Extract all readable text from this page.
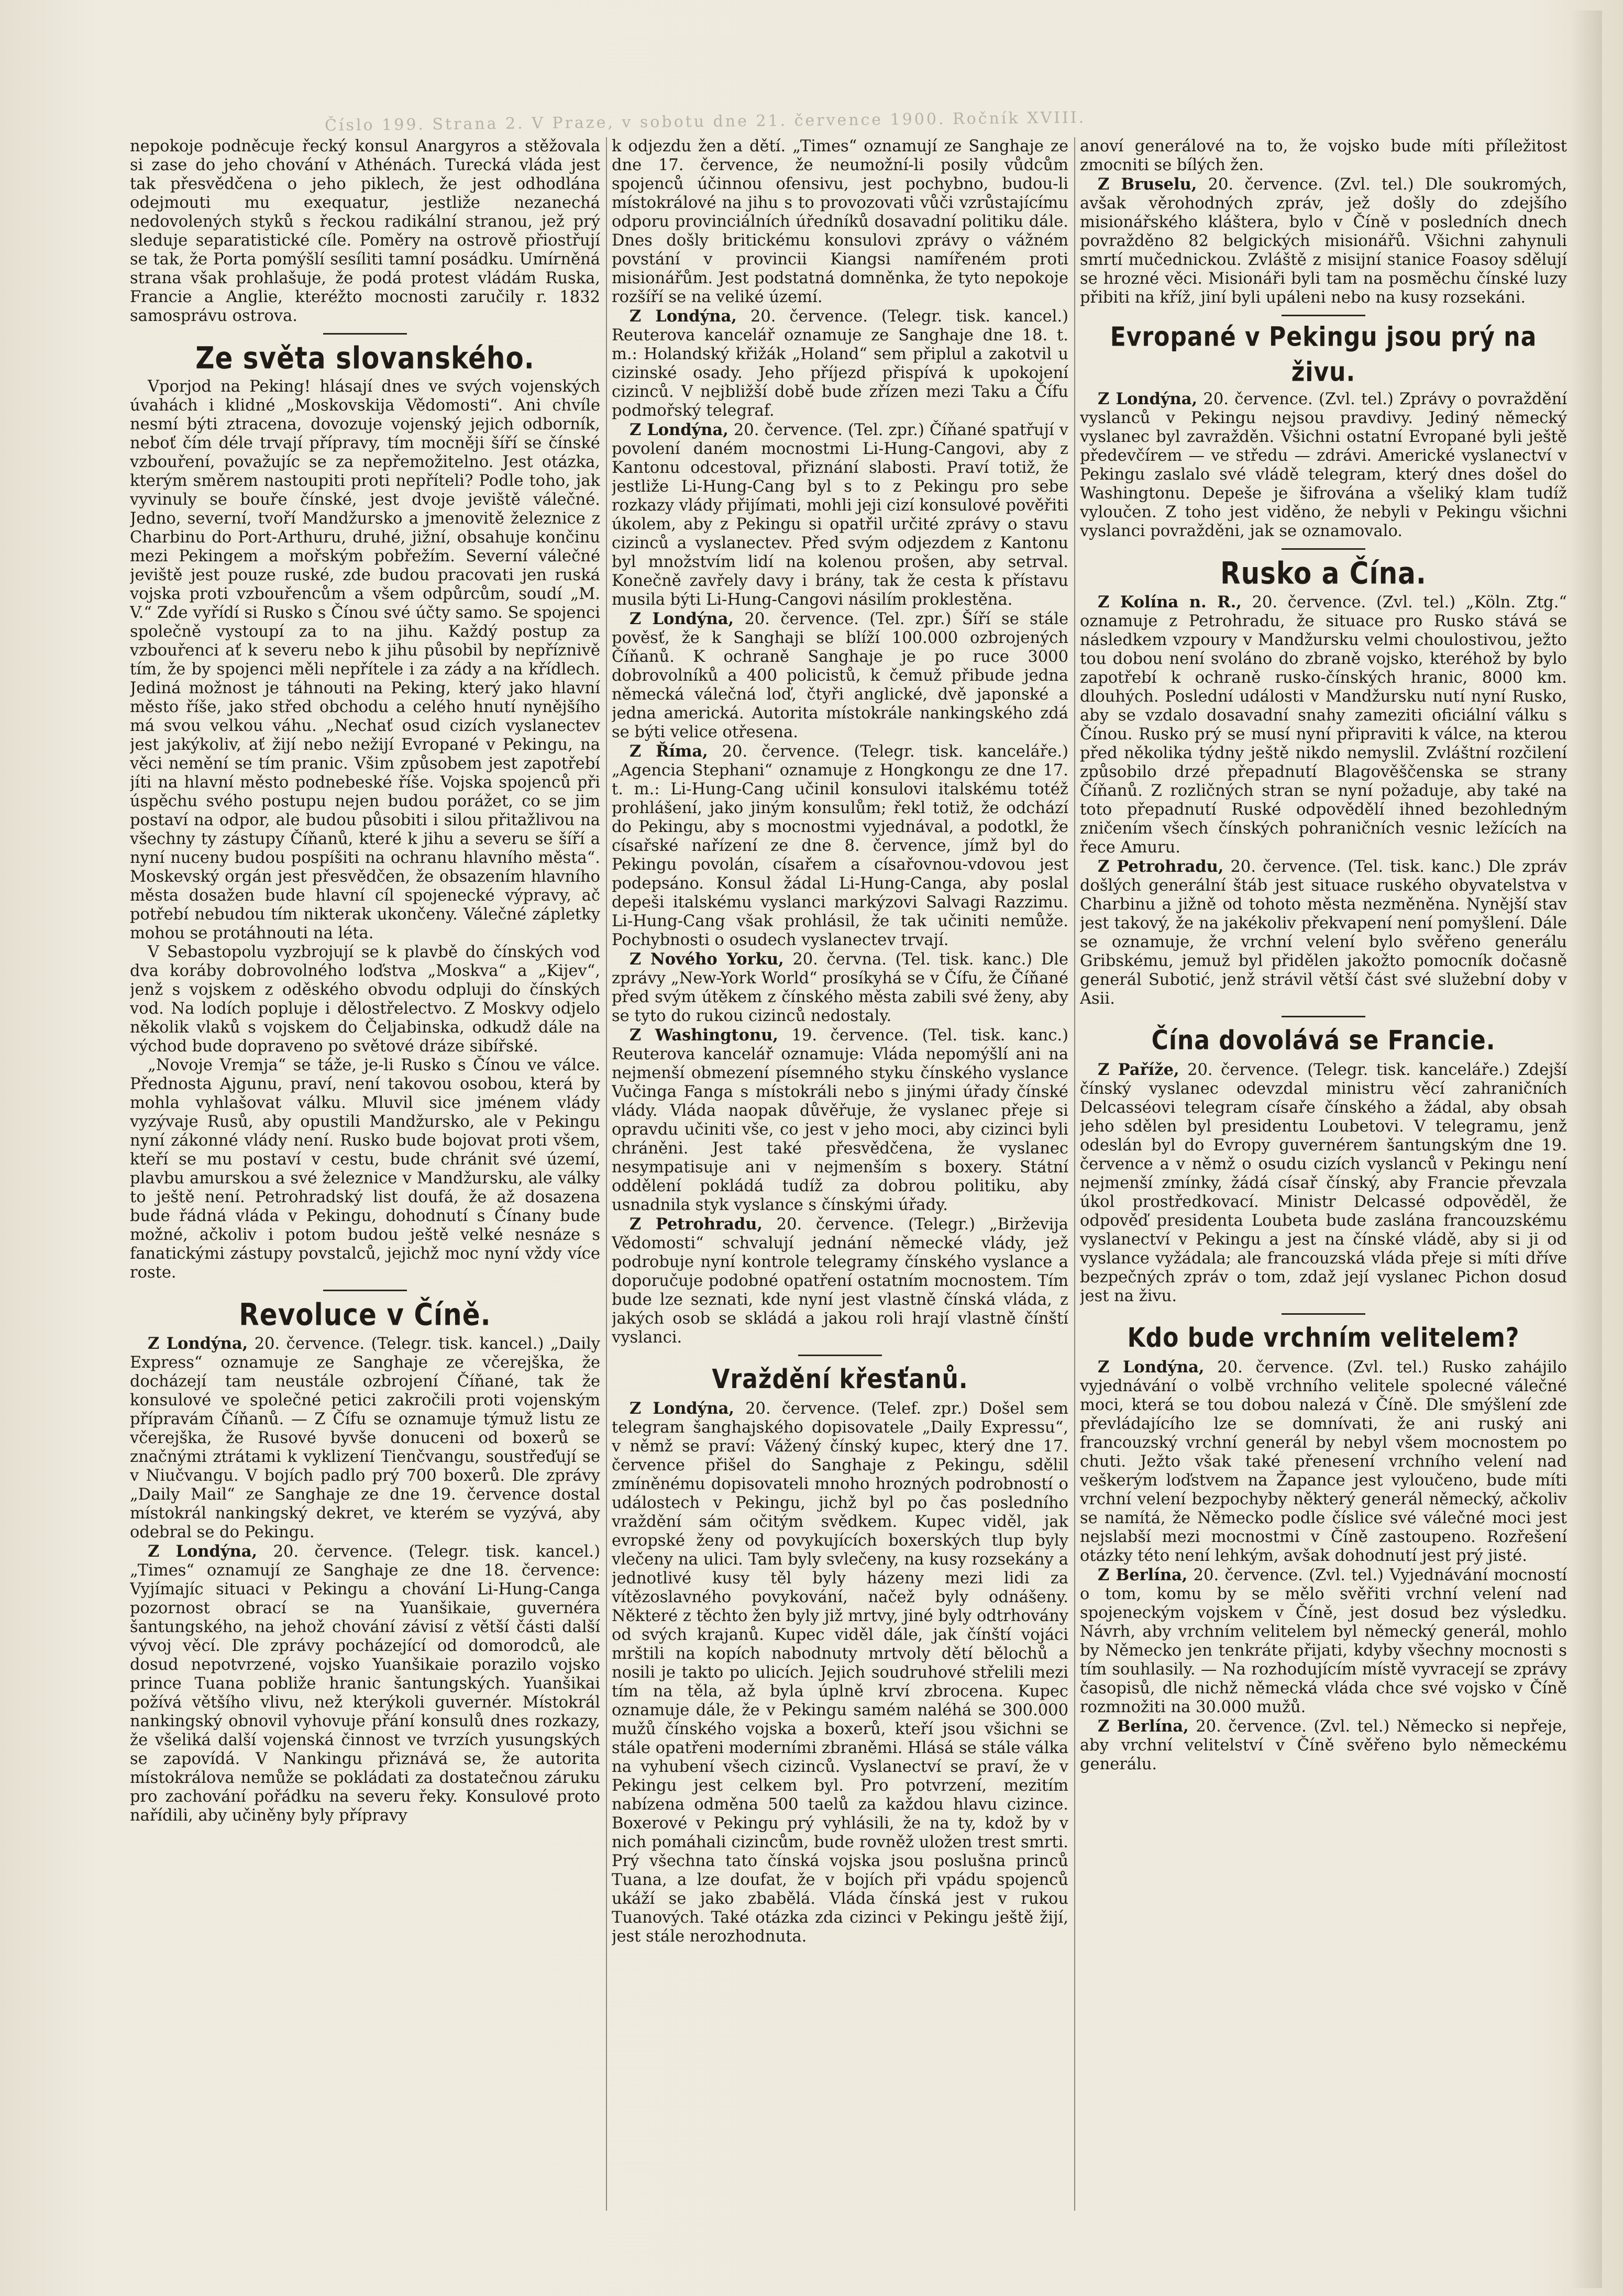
Číslo 199. Strana 2. V Praze, v sobotu dne 21. července 1900. Ročník XVIII.

nepokoje podněcuje řecký konsul Anargyros a stěžovala si zase do jeho chování v Athénách. Turecká vláda jest tak přesvědčena o jeho piklech, že jest odhodlána odejmouti mu exequatur, jestliže nezanechá nedovolených styků s řeckou radikální stranou, jež prý sleduje separatistické cíle. Poměry na ostrově přiostřují se tak, že Porta pomýšlí sesíliti tamní posádku. Umírněná strana však prohlašuje, že podá protest vládám Ruska, Francie a Anglie, kteréžto mocnosti zaručily r. 1832 samosprávu ostrova.

Ze světa slovanského.

Vporjod na Peking! hlásají dnes ve svých vojenských úvahách i klidné „Moskovskija Vědomosti“. Ani chvíle nesmí býti ztracena, dovozuje vojenský jejich odborník, neboť čím déle trvají přípravy, tím mocněji šíří se čínské vzbouření, považujíc se za nepřemožitelno. Jest otázka, kterým směrem nastoupiti proti nepříteli? Podle toho, jak vyvinuly se bouře čínské, jest dvoje jeviště válečné. Jedno, severní, tvoří Mandžursko a jmenovitě železnice z Charbinu do Port-Arthuru, druhé, jižní, obsahuje končinu mezi Pekingem a mořským pobřežím. Severní válečné jeviště jest pouze ruské, zde budou pracovati jen ruská vojska proti vzbouřencům a všem odpůrcům, soudí „M. V.“ Zde vyřídí si Rusko s Čínou své účty samo. Se spojenci společně vystoupí za to na jihu. Každý postup za vzbouřenci ať k severu nebo k jihu působil by nepříznivě tím, že by spojenci měli nepřítele i za zády a na křídlech. Jediná možnost je táhnouti na Peking, který jako hlavní město říše, jako střed obchodu a celého hnutí nynějšího má svou velkou váhu. „Nechať osud cizích vyslanectev jest jakýkoliv, ať žijí nebo nežijí Evropané v Pekingu, na věci nemění se tím pranic. Všim způsobem jest zapotřebí jíti na hlavní město podnebeské říše. Vojska spojenců při úspěchu svého postupu nejen budou porážet, co se jim postaví na odpor, ale budou působiti i silou přitažlivou na všechny ty zástupy Číňanů, které k jihu a severu se šíří a nyní nuceny budou pospíšiti na ochranu hlavního města“. Moskevský orgán jest přesvědčen, že obsazením hlavního města dosažen bude hlavní cíl spojenecké výpravy, ač potřebí nebudou tím nikterak ukončeny. Válečné zápletky mohou se protáhnouti na léta.

V Sebastopolu vyzbrojují se k plavbě do čínských vod dva koráby dobrovolného loďstva „Moskva“ a „Kijev“, jenž s vojskem z oděského obvodu odpluji do čínských vod. Na lodích popluje i dělostřelectvo. Z Moskvy odjelo několik vlaků s vojskem do Čeljabinska, odkudž dále na východ bude dopraveno po světové dráze sibířské.

„Novoje Vremja“ se táže, je-li Rusko s Čínou ve válce. Přednosta Ajgunu, praví, není takovou osobou, která by mohla vyhlašovat válku. Mluvil sice jménem vlády vyzývaje Rusů, aby opustili Mandžursko, ale v Pekingu nyní zákonné vlády není. Rusko bude bojovat proti všem, kteří se mu postaví v cestu, bude chránit své území, plavbu amurskou a své železnice v Mandžursku, ale války to ještě není. Petrohradský list doufá, že až dosazena bude řádná vláda v Pekingu, dohodnutí s Čínany bude možné, ačkoliv i potom budou ještě velké nesnáze s fanatickými zástupy povstalců, jejichž moc nyní vždy více roste.

Revoluce v Číně.

Z Londýna, 20. července. (Telegr. tisk. kancel.) „Daily Express“ oznamuje ze Sanghaje ze včerejška, že docházejí tam neustále ozbrojení Číňané, tak že konsulové ve společné petici zakročili proti vojenským přípravám Číňanů. — Z Čífu se oznamuje týmuž listu ze včerejška, že Rusové byvše donuceni od boxerů se značnými ztrátami k vyklizení Tienčvangu, soustřeďují se v Niučvangu. V bojích padlo prý 700 boxerů. Dle zprávy „Daily Mail“ ze Sanghaje ze dne 19. července dostal místokrál nankingský dekret, ve kterém se vyzývá, aby odebral se do Pekingu.

Z Londýna, 20. července. (Telegr. tisk. kancel.) „Times“ oznamují ze Sanghaje ze dne 18. července: Vyjímajíc situaci v Pekingu a chování Li-Hung-Canga pozornost obrací se na Yuanšikaie, guvernéra šantungského, na jehož chování závisí z větší části další vývoj věcí. Dle zprávy pocházející od domorodců, ale dosud nepotvrzené, vojsko Yuanšikaie porazilo vojsko prince Tuana pobliže hranic šantungských. Yuanšikai požívá většího vlivu, než kterýkoli guvernér. Místokrál nankingský obnovil vyhovuje přání konsulů dnes rozkazy, že všeliká další vojenská činnost ve tvrzích yusungských se zapovídá. V Nankingu přiznává se, že autorita místokrálova nemůže se pokládati za dostatečnou záruku pro zachování pořádku na severu řeky. Konsulové proto nařídili, aby učiněny byly přípravy

k odjezdu žen a dětí. „Times“ oznamují ze Sanghaje ze dne 17. července, že neumožní-li posily vůdcům spojenců účinnou ofensivu, jest pochybno, budou-li místokrálové na jihu s to provozovati vůči vzrůstajícímu odporu provinciálních úředníků dosavadní politiku dále. Dnes došly britickému konsulovi zprávy o vážném povstání v provincii Kiangsi namířeném proti misionářům. Jest podstatná domněnka, že tyto nepokoje rozšíří se na veliké území.

Z Londýna, 20. července. (Telegr. tisk. kancel.) Reuterova kancelář oznamuje ze Sanghaje dne 18. t. m.: Holandský křižák „Holand“ sem připlul a zakotvil u cizinské osady. Jeho příjezd přispívá k upokojení cizinců. V nejbližší době bude zřízen mezi Taku a Čífu podmořský telegraf.

Z Londýna, 20. července. (Tel. zpr.) Číňané spatřují v povolení daném mocnostmi Li-Hung-Cangovi, aby z Kantonu odcestoval, přiznání slabosti. Praví totiž, že jestliže Li-Hung-Cang byl s to z Pekingu pro sebe rozkazy vlády přijímati, mohli jeji cizí konsulové pověřiti úkolem, aby z Pekingu si opatřil určité zprávy o stavu cizinců a vyslanectev. Před svým odjezdem z Kantonu byl množstvím lidí na kolenou prošen, aby setrval. Konečně zavřely davy i brány, tak že cesta k přístavu musila býti Li-Hung-Cangovi násilím proklestěna.

Z Londýna, 20. července. (Tel. zpr.) Šíří se stále pověsť, že k Sanghaji se blíží 100.000 ozbrojených Číňanů. K ochraně Sanghaje je po ruce 3000 dobrovolníků a 400 policistů, k čemuž přibude jedna německá válečná loď, čtyři anglické, dvě japonské a jedna americká. Autorita místokrále nankingského zdá se býti velice otřesena.

Z Říma, 20. července. (Telegr. tisk. kanceláře.) „Agencia Stephani“ oznamuje z Hongkongu ze dne 17. t. m.: Li-Hung-Cang učinil konsulovi italskému totéž prohlášení, jako jiným konsulům; řekl totiž, že odchází do Pekingu, aby s mocnostmi vyjednával, a podotkl, že císařské nařízení ze dne 8. července, jímž byl do Pekingu povolán, císařem a císařovnou-vdovou jest podepsáno. Konsul žádal Li-Hung-Canga, aby poslal depeši italskému vyslanci markýzovi Salvagi Razzimu. Li-Hung-Cang však prohlásil, že tak učiniti nemůže. Pochybnosti o osudech vyslanectev trvají.

Z Nového Yorku, 20. června. (Tel. tisk. kanc.) Dle zprávy „New-York World“ prosíkyhá se v Čífu, že Číňané před svým útěkem z čínského města zabili své ženy, aby se tyto do rukou cizinců nedostaly.

Z Washingtonu, 19. července. (Tel. tisk. kanc.) Reuterova kancelář oznamuje: Vláda nepomýšlí ani na nejmenší obmezení písemného styku čínského vyslance Vučinga Fanga s místokráli nebo s jinými úřady čínské vlády. Vláda naopak důvěřuje, že vyslanec přeje si opravdu učiniti vše, co jest v jeho moci, aby cizinci byli chráněni. Jest také přesvědčena, že vyslanec nesympatisuje ani v nejmenším s boxery. Státní oddělení pokládá tudíž za dobrou politiku, aby usnadnila styk vyslance s čínskými úřady.

Z Petrohradu, 20. července. (Telegr.) „Birževija Vědomosti“ schvalují jednání německé vlády, jež podrobuje nyní kontrole telegramy čínského vyslance a doporučuje podobné opatření ostatním mocnostem. Tím bude lze seznati, kde nyní jest vlastně čínská vláda, z jakých osob se skládá a jakou roli hrají vlastně čínští vyslanci.

Vraždění křesťanů.

Z Londýna, 20. července. (Telef. zpr.) Došel sem telegram šanghajského dopisovatele „Daily Expressu“, v němž se praví: Vážený čínský kupec, který dne 17. července přišel do Sanghaje z Pekingu, sdělil zmíněnému dopisovateli mnoho hrozných podrobností o událostech v Pekingu, jichž byl po čas posledního vraždění sám očitým svědkem. Kupec viděl, jak evropské ženy od povykujících boxerských tlup byly vlečeny na ulici. Tam byly svlečeny, na kusy rozsekány a jednotlivé kusy těl byly házeny mezi lidi za vítězoslavného povykování, načež byly odnášeny. Některé z těchto žen byly již mrtvy, jiné byly odtrhovány od svých krajanů. Kupec viděl dále, jak čínští vojáci mrštili na kopích nabodnuty mrtvoly dětí bělochů a nosili je takto po ulicích. Jejich soudruhové střelili mezi tím na těla, až byla úplně krví zbrocena. Kupec oznamuje dále, že v Pekingu samém naléhá se 300.000 mužů čínského vojska a boxerů, kteří jsou všichni se stále opatřeni moderními zbraněmi. Hlásá se stále válka na vyhubení všech cizinců. Vyslanectví se praví, že v Pekingu jest celkem byl. Pro potvrzení, mezitím nabízena odměna 500 taelů za každou hlavu cizince. Boxerové v Pekingu prý vyhlásili, že na ty, kdož by v nich pomáhali cizincům, bude rovněž uložen trest smrti. Prý všechna tato čínská vojska jsou poslušna princů Tuana, a lze doufat, že v bojích při vpádu spojenců ukáží se jako zbabělá. Vláda čínská jest v rukou Tuanových. Také otázka zda cizinci v Pekingu ještě žijí, jest stále nerozhodnuta.

anoví generálové na to, že vojsko bude míti příležitost zmocniti se bílých žen.

Z Bruselu, 20. července. (Zvl. tel.) Dle soukromých, avšak věrohodných zpráv, jež došly do zdejšího misionářského kláštera, bylo v Číně v posledních dnech povražděno 82 belgických misionářů. Všichni zahynuli smrtí mučednickou. Zvláště z misijní stanice Foasoy sdělují se hrozné věci. Misionáři byli tam na posměchu čínské luzy přibiti na kříž, jiní byli upáleni nebo na kusy rozsekáni.

Evropané v Pekingu jsou prý na živu.

Z Londýna, 20. července. (Zvl. tel.) Zprávy o povraždění vyslanců v Pekingu nejsou pravdivy. Jediný německý vyslanec byl zavražděn. Všichni ostatní Evropané byli ještě předevčírem — ve středu — zdrávi. Americké vyslanectví v Pekingu zaslalo své vládě telegram, který dnes došel do Washingtonu. Depeše je šifrována a všeliký klam tudíž vyloučen. Z toho jest viděno, že nebyli v Pekingu všichni vyslanci povražděni, jak se oznamovalo.

Rusko a Čína.

Z Kolína n. R., 20. července. (Zvl. tel.) „Köln. Ztg.“ oznamuje z Petrohradu, že situace pro Rusko stává se následkem vzpoury v Mandžursku velmi choulostivou, ježto tou dobou není svoláno do zbraně vojsko, kteréhož by bylo zapotřebí k ochraně rusko-čínských hranic, 8000 km. dlouhých. Poslední události v Mandžursku nutí nyní Rusko, aby se vzdalo dosavadní snahy zameziti oficiální válku s Čínou. Rusko prý se musí nyní připraviti k válce, na kterou před několika týdny ještě nikdo nemyslil. Zvláštní rozčilení způsobilo drzé přepadnutí Blagověščenska se strany Číňanů. Z rozličných stran se nyní požaduje, aby také na toto přepadnutí Ruské odpovědělí ihned bezohledným zničením všech čínských pohraničních vesnic ležících na řece Amuru.

Z Petrohradu, 20. července. (Tel. tisk. kanc.) Dle zpráv došlých generální štáb jest situace ruského obyvatelstva v Charbinu a jižně od tohoto města nezměněna. Nynější stav jest takový, že na jakékoliv překvapení není pomyšlení. Dále se oznamuje, že vrchní velení bylo svěřeno generálu Gribskému, jemuž byl přidělen jakožto pomocník dočasně generál Subotić, jenž strávil větší část své služební doby v Asii.

Čína dovolává se Francie.

Z Paříže, 20. července. (Telegr. tisk. kanceláře.) Zdejší čínský vyslanec odevzdal ministru věcí zahraničních Delcasséovi telegram císaře čínského a žádal, aby obsah jeho sdělen byl presidentu Loubetovi. V telegramu, jenž odeslán byl do Evropy guvernérem šantungským dne 19. července a v němž o osudu cizích vyslanců v Pekingu není nejmenší zmínky, žádá císař čínský, aby Francie převzala úkol prostředkovací. Ministr Delcassé odpověděl, že odpověď presidenta Loubeta bude zaslána francouzskému vyslanectví v Pekingu a jest na čínské vládě, aby si ji od vyslance vyžádala; ale francouzská vláda přeje si míti dříve bezpečných zpráv o tom, zdaž její vyslanec Pichon dosud jest na živu.

Kdo bude vrchním velitelem?

Z Londýna, 20. července. (Zvl. tel.) Rusko zahájilo vyjednávání o volbě vrchního velitele spolecné válečné moci, která se tou dobou nalezá v Číně. Dle smýšlení zde převládajícího lze se domnívati, že ani ruský ani francouzský vrchní generál by nebyl všem mocnostem po chuti. Ježto však také přenesení vrchního velení nad veškerým loďstvem na Žapance jest vyloučeno, bude míti vrchní velení bezpochyby některý generál německý, ačkoliv se namítá, že Německo podle číslice své válečné moci jest nejslabší mezi mocnostmi v Číně zastoupeno. Rozřešení otázky této není lehkým, avšak dohodnutí jest prý jisté.

Z Berlína, 20. července. (Zvl. tel.) Vyjednávání mocností o tom, komu by se mělo svěřiti vrchní velení nad spojeneckým vojskem v Číně, jest dosud bez výsledku. Návrh, aby vrchním velitelem byl německý generál, mohlo by Německo jen tenkráte přijati, kdyby všechny mocnosti s tím souhlasily. — Na rozhodujícím místě vyvracejí se zprávy časopisů, dle nichž německá vláda chce své vojsko v Číně rozmnožiti na 30.000 mužů.

Z Berlína, 20. července. (Zvl. tel.) Německo si nepřeje, aby vrchní velitelství v Číně svěřeno bylo německému generálu.
